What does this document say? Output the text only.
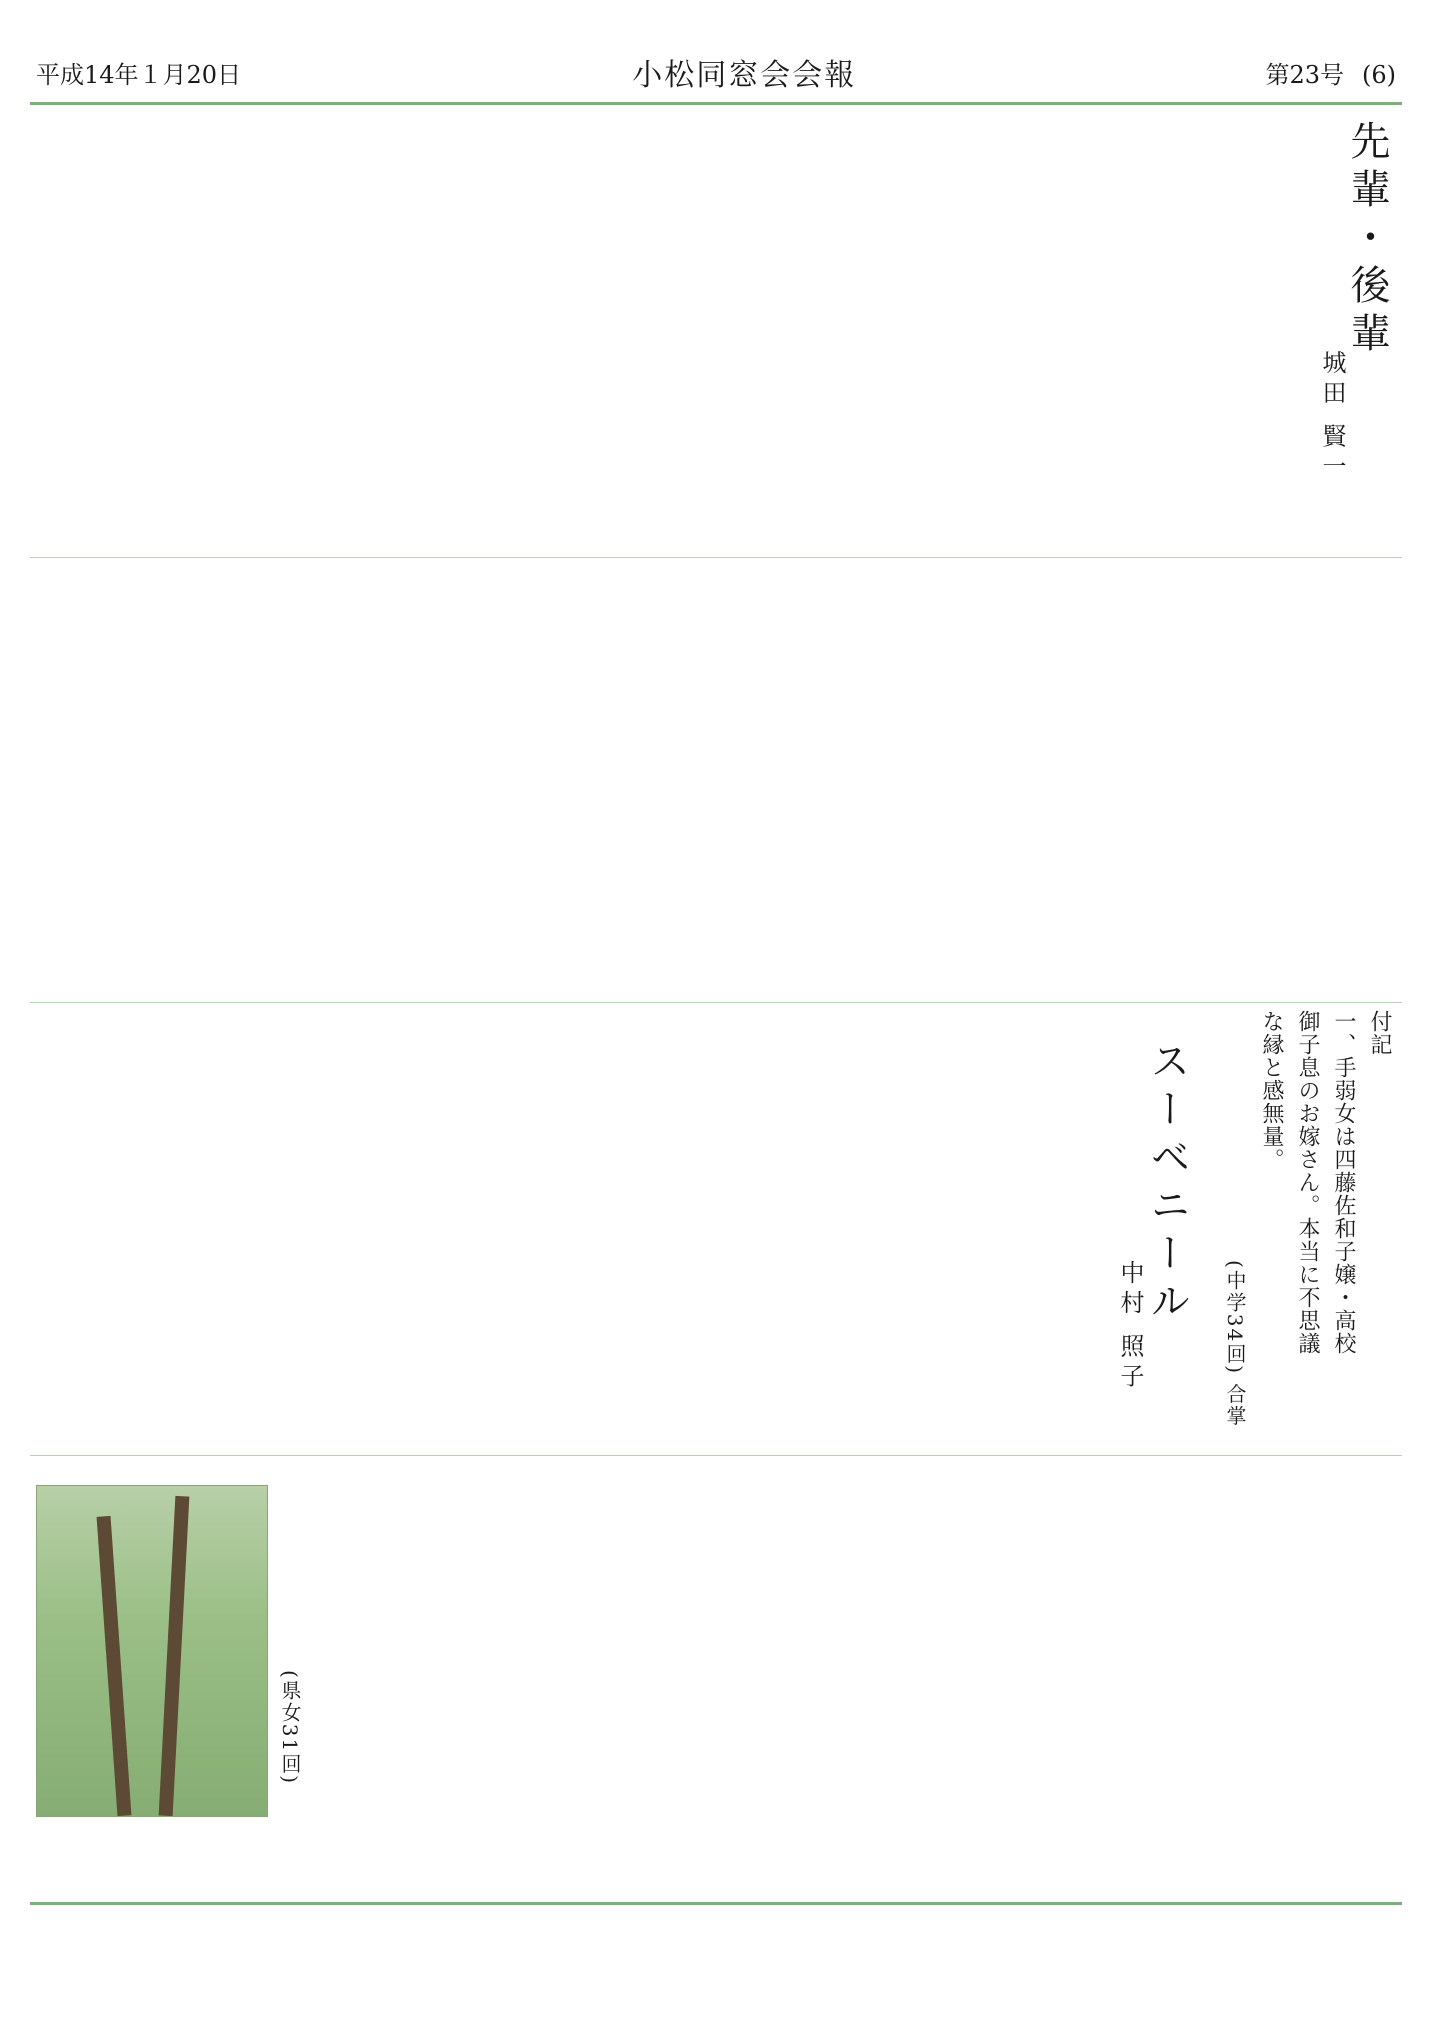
平成14年１月20日	小松同窓会会報	第23号 (6)
先輩・後輩
城田 賢一
付記
一、手弱女は四藤佐和子嬢・高校
御子息のお嫁さん。本当に不思議
な縁と感無量。
(中学34回) 合掌
スーベニール
中村 照子
(県女31回)
